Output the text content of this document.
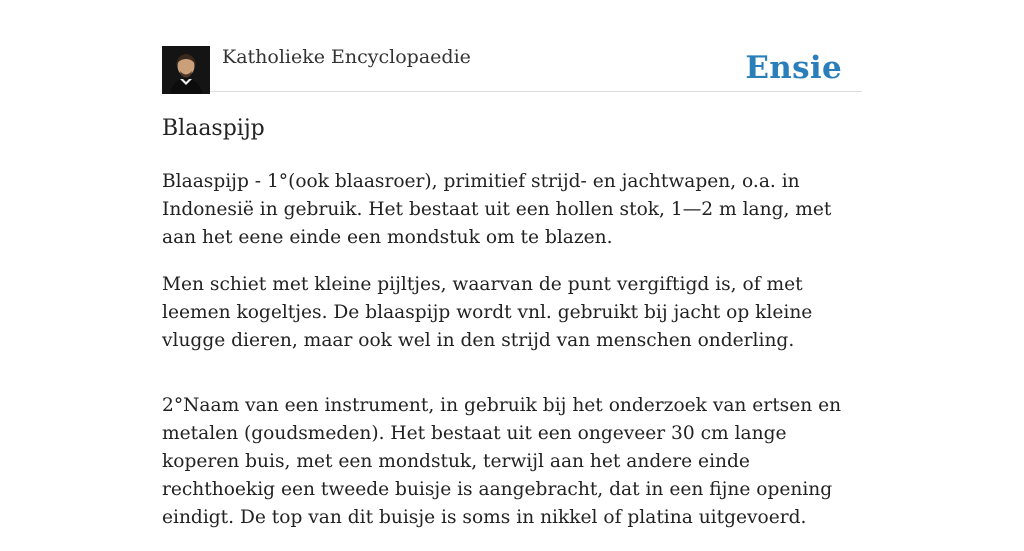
Katholieke Encyclopaedie	Ensie
Blaaspijp

Blaaspijp - 1°(ook blaasroer), primitief strijd- en jachtwapen, o.a. in Indonesië in gebruik. Het bestaat uit een hollen stok, 1—2 m lang, met aan het eene einde een mondstuk om te blazen.

Men schiet met kleine pijltjes, waarvan de punt vergiftigd is, of met leemen kogeltjes. De blaaspijp wordt vnl. gebruikt bij jacht op kleine vlugge dieren, maar ook wel in den strijd van menschen onderling.

2°Naam van een instrument, in gebruik bij het onderzoek van ertsen en metalen (goudsmeden). Het bestaat uit een ongeveer 30 cm lange koperen buis, met een mondstuk, terwijl aan het andere einde rechthoekig een tweede buisje is aangebracht, dat in een fijne opening eindigt. De top van dit buisje is soms in nikkel of platina uitgevoerd.
